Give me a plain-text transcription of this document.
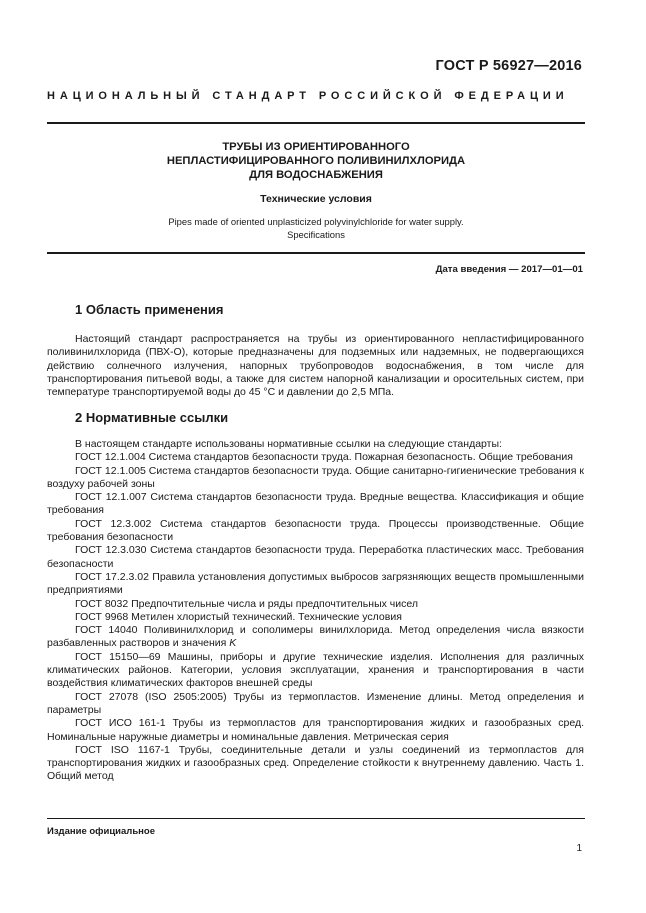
ГОСТ Р 56927—2016
НАЦИОНАЛЬНЫЙ СТАНДАРТ РОССИЙСКОЙ ФЕДЕРАЦИИ
ТРУБЫ ИЗ ОРИЕНТИРОВАННОГО
НЕПЛАСТИФИЦИРОВАННОГО ПОЛИВИНИЛХЛОРИДА
ДЛЯ ВОДОСНАБЖЕНИЯ
Технические условия
Pipes made of oriented unplasticized polyvinylchloride for water supply.
Specifications
Дата введения — 2017—01—01
1 Область применения
Настоящий стандарт распространяется на трубы из ориентированного непластифицированного поливинилхлорида (ПВХ-О), которые предназначены для подземных или надземных, не подвергающихся действию солнечного излучения, напорных трубопроводов водоснабжения, в том числе для транспортирования питьевой воды, а также для систем напорной канализации и оросительных систем, при температуре транспортируемой воды до 45 °С и давлении до 2,5 МПа.
2 Нормативные ссылки
В настоящем стандарте использованы нормативные ссылки на следующие стандарты:
ГОСТ 12.1.004 Система стандартов безопасности труда. Пожарная безопасность. Общие требования
ГОСТ 12.1.005 Система стандартов безопасности труда. Общие санитарно-гигиенические требования к воздуху рабочей зоны
ГОСТ 12.1.007 Система стандартов безопасности труда. Вредные вещества. Классификация и общие требования
ГОСТ 12.3.002 Система стандартов безопасности труда. Процессы производственные. Общие требования безопасности
ГОСТ 12.3.030 Система стандартов безопасности труда. Переработка пластических масс. Требования безопасности
ГОСТ 17.2.3.02 Правила установления допустимых выбросов загрязняющих веществ промышленными предприятиями
ГОСТ 8032 Предпочтительные числа и ряды предпочтительных чисел
ГОСТ 9968 Метилен хлористый технический. Технические условия
ГОСТ 14040 Поливинилхлорид и сополимеры винилхлорида. Метод определения числа вязкости разбавленных растворов и значения K
ГОСТ 15150—69 Машины, приборы и другие технические изделия. Исполнения для различных климатических районов. Категории, условия эксплуатации, хранения и транспортирования в части воздействия климатических факторов внешней среды
ГОСТ 27078 (ISO 2505:2005) Трубы из термопластов. Изменение длины. Метод определения и параметры
ГОСТ ИСО 161-1 Трубы из термопластов для транспортирования жидких и газообразных сред. Номинальные наружные диаметры и номинальные давления. Метрическая серия
ГОСТ ISO 1167-1 Трубы, соединительные детали и узлы соединений из термопластов для транспортирования жидких и газообразных сред. Определение стойкости к внутреннему давлению. Часть 1. Общий метод
Издание официальное
1
